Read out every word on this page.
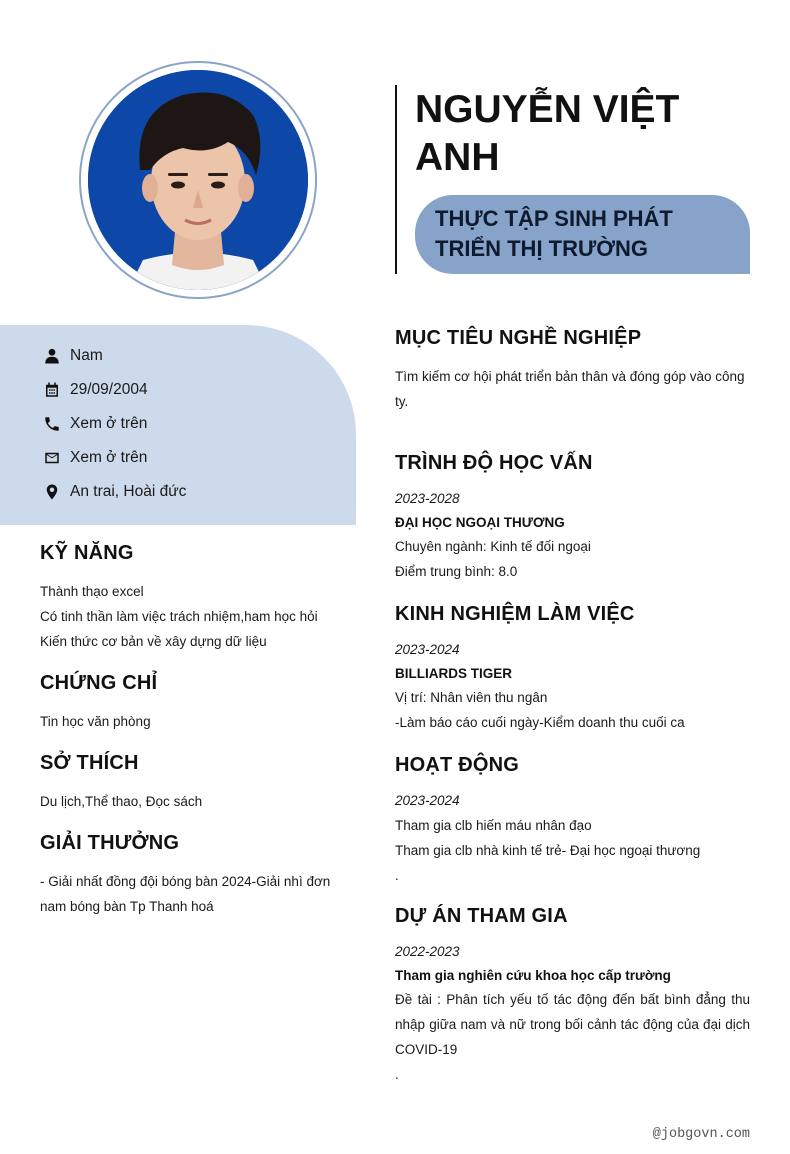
Nam
29/09/2004
Xem ở trên
Xem ở trên
An trai, Hoài đức
KỸ NĂNG
Thành thạo excel
Có tinh thần làm việc trách nhiệm,ham học hỏi
Kiến thức cơ bản về xây dựng dữ liệu
CHỨNG CHỈ
Tin học văn phòng
SỞ THÍCH
Du lịch,Thể thao, Đọc sách
GIẢI THƯỞNG
- Giải nhất đồng đội bóng bàn 2024-Giải nhì đơn nam bóng bàn Tp Thanh hoá
NGUYỄN VIỆT ANH
THỰC TẬP SINH PHÁT TRIỂN THỊ TRƯỜNG
MỤC TIÊU NGHỀ NGHIỆP
Tìm kiếm cơ hội phát triển bản thân và đóng góp vào công ty.
TRÌNH ĐỘ HỌC VẤN
2023-2028
ĐẠI HỌC NGOẠI THƯƠNG
Chuyên ngành: Kinh tế đối ngoại
Điểm trung bình: 8.0
KINH NGHIỆM LÀM VIỆC
2023-2024
BILLIARDS TIGER
Vị trí: Nhân viên thu ngân
-Làm báo cáo cuối ngày-Kiểm doanh thu cuối ca
HOẠT ĐỘNG
2023-2024
Tham gia clb hiến máu nhân đạo
Tham gia clb nhà kinh tế trẻ- Đại học ngoại thương
.
DỰ ÁN THAM GIA
2022-2023
Tham gia nghiên cứu khoa học cấp trường
Đề tài : Phân tích yếu tố tác động đến bất bình đẳng thu nhập giữa nam và nữ trong bối cảnh tác động của đại dịch COVID-19
.
@jobgovn.com
